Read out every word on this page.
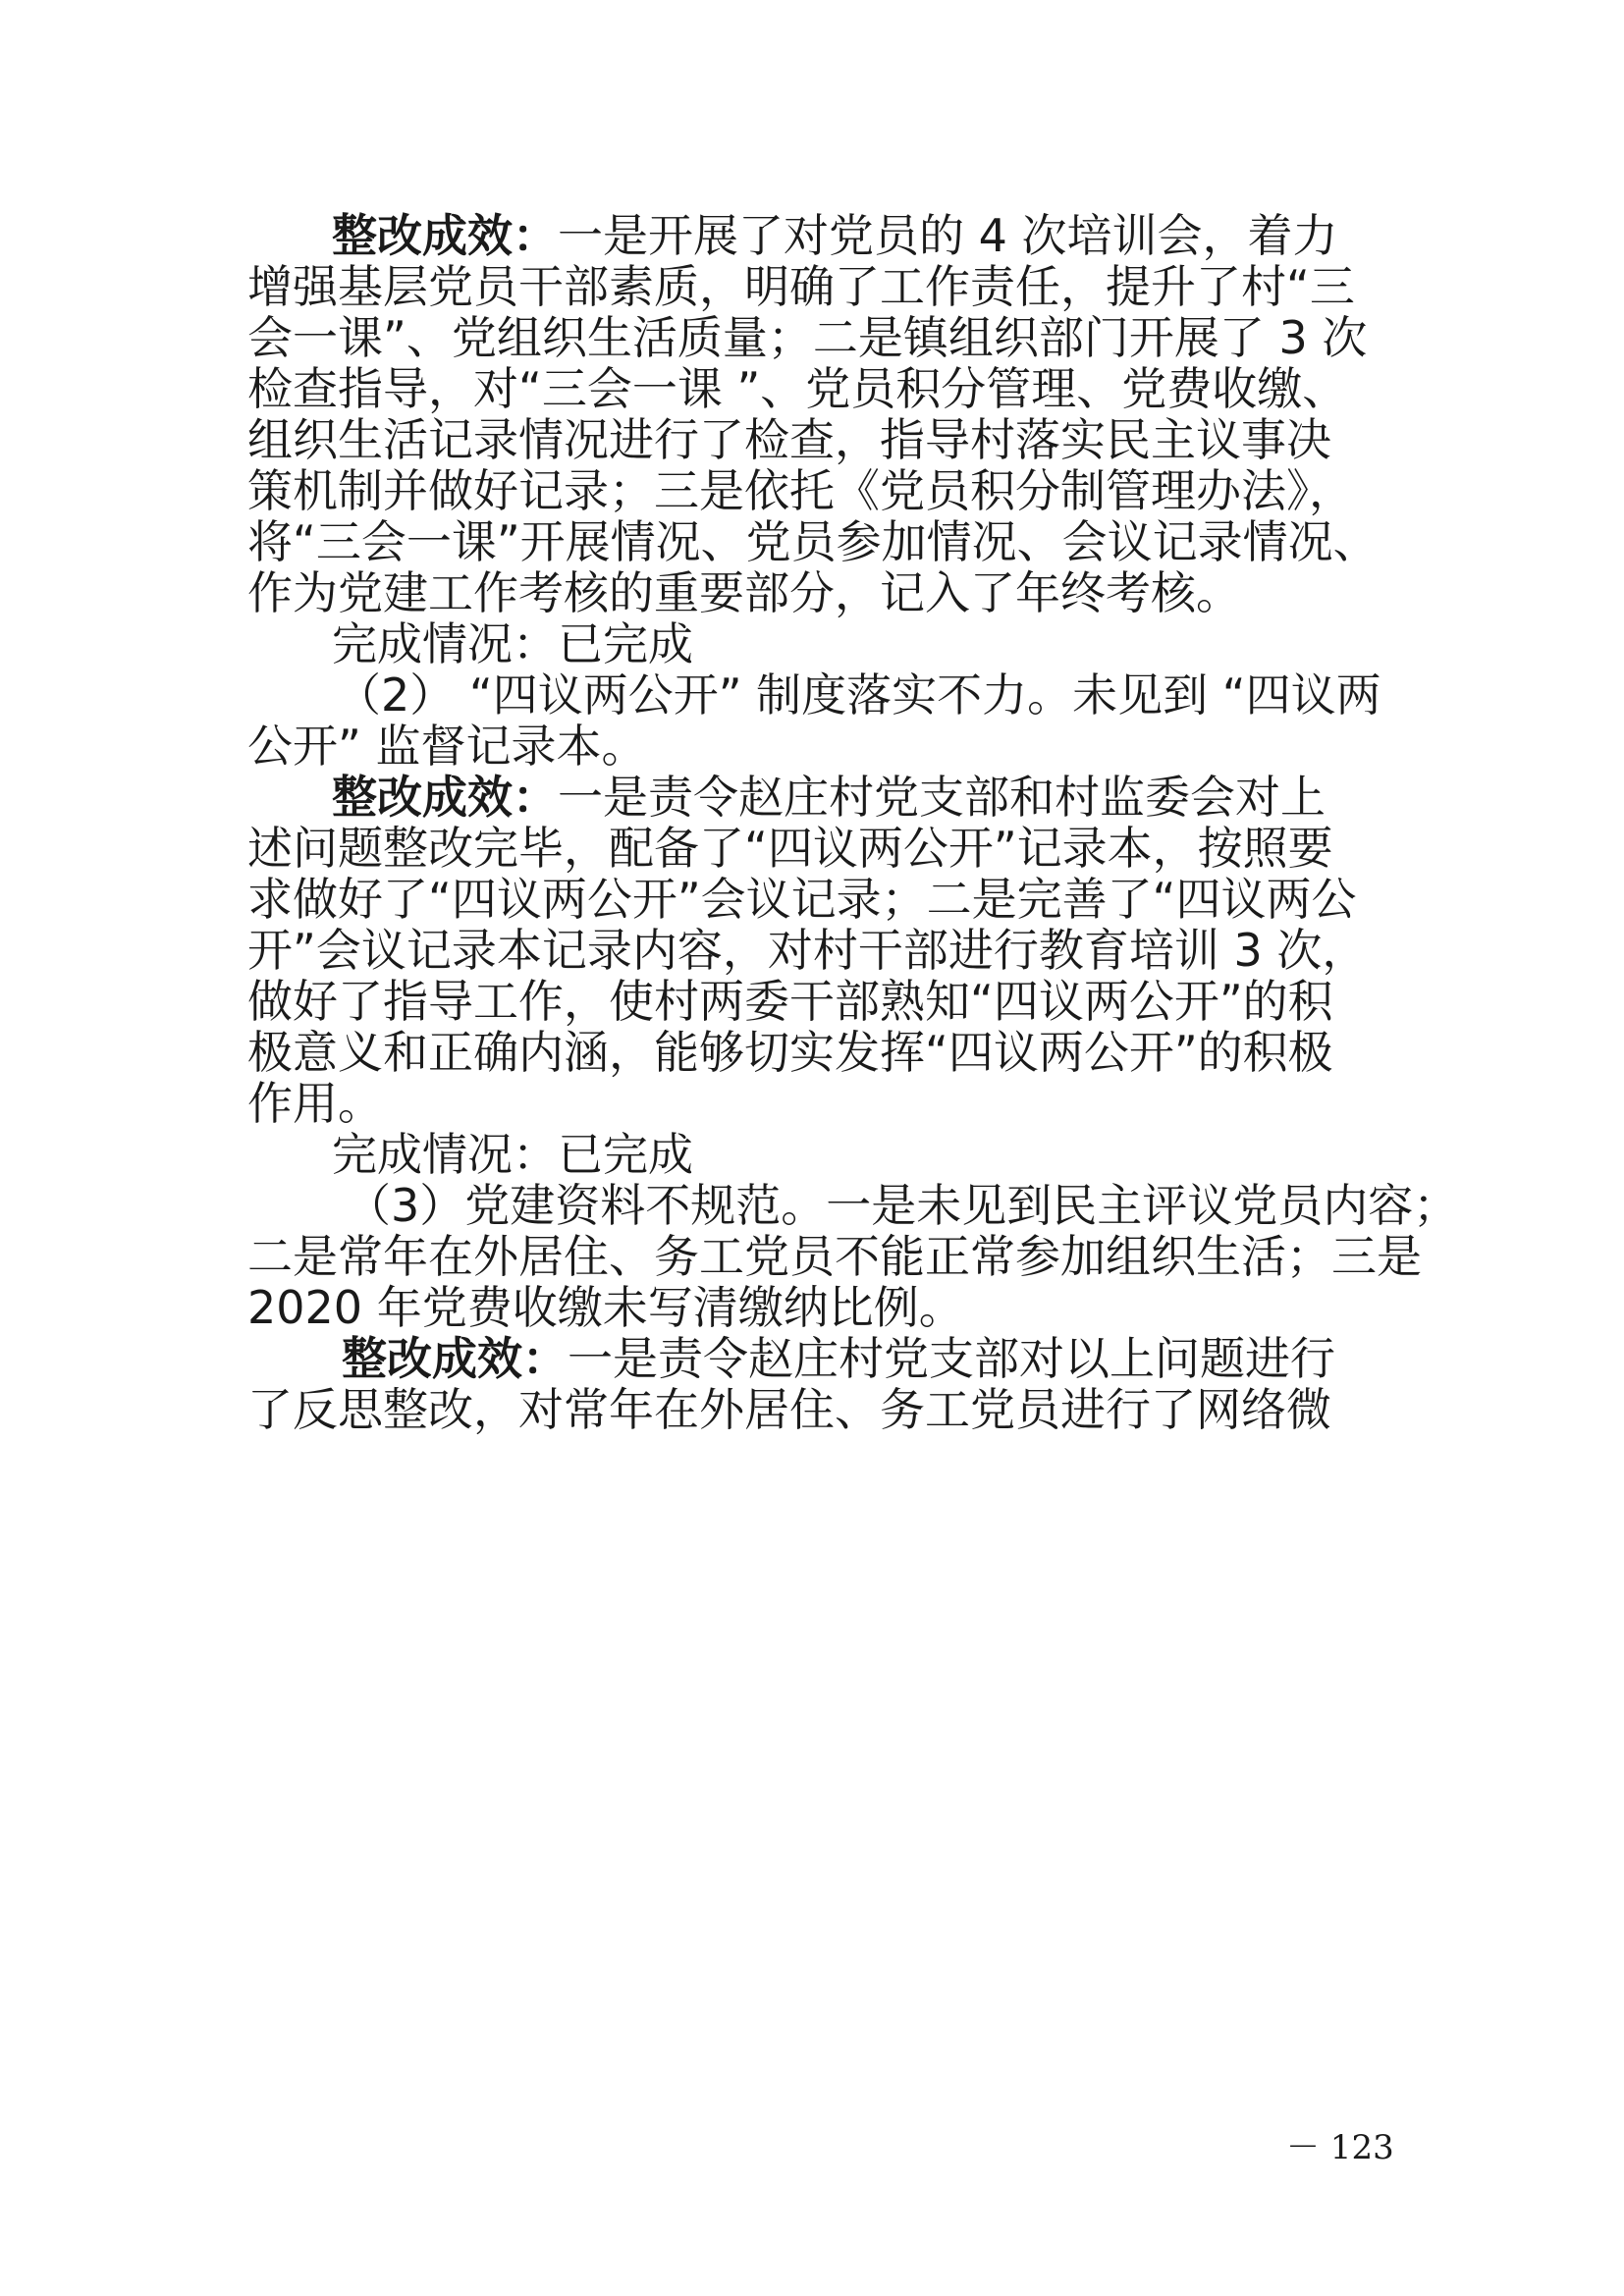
整改成效：一是开展了对党员的 4 次培训会，着力
增强基层党员干部素质，明确了工作责任，提升了村“三
会一课”、党组织生活质量；二是镇组织部门开展了 3 次
检查指导，对“三会一课 ”、党员积分管理、党费收缴、
组织生活记录情况进行了检查，指导村落实民主议事决
策机制并做好记录；三是依托《党员积分制管理办法》，
将“三会一课”开展情况、党员参加情况、会议记录情况、
作为党建工作考核的重要部分，记入了年终考核。
完成情况：已完成
（2） “四议两公开” 制度落实不力。未见到 “四议两
公开” 监督记录本。
整改成效：一是责令赵庄村党支部和村监委会对上
述问题整改完毕，配备了“四议两公开”记录本，按照要
求做好了“四议两公开”会议记录；二是完善了“四议两公
开”会议记录本记录内容，对村干部进行教育培训 3 次，
做好了指导工作，使村两委干部熟知“四议两公开”的积
极意义和正确内涵，能够切实发挥“四议两公开”的积极
作用。
完成情况：已完成
（3）党建资料不规范。一是未见到民主评议党员内容；
二是常年在外居住、务工党员不能正常参加组织生活；三是
2020 年党费收缴未写清缴纳比例。
整改成效：一是责令赵庄村党支部对以上问题进行
了反思整改，对常年在外居住、务工党员进行了网络微
－ 123
